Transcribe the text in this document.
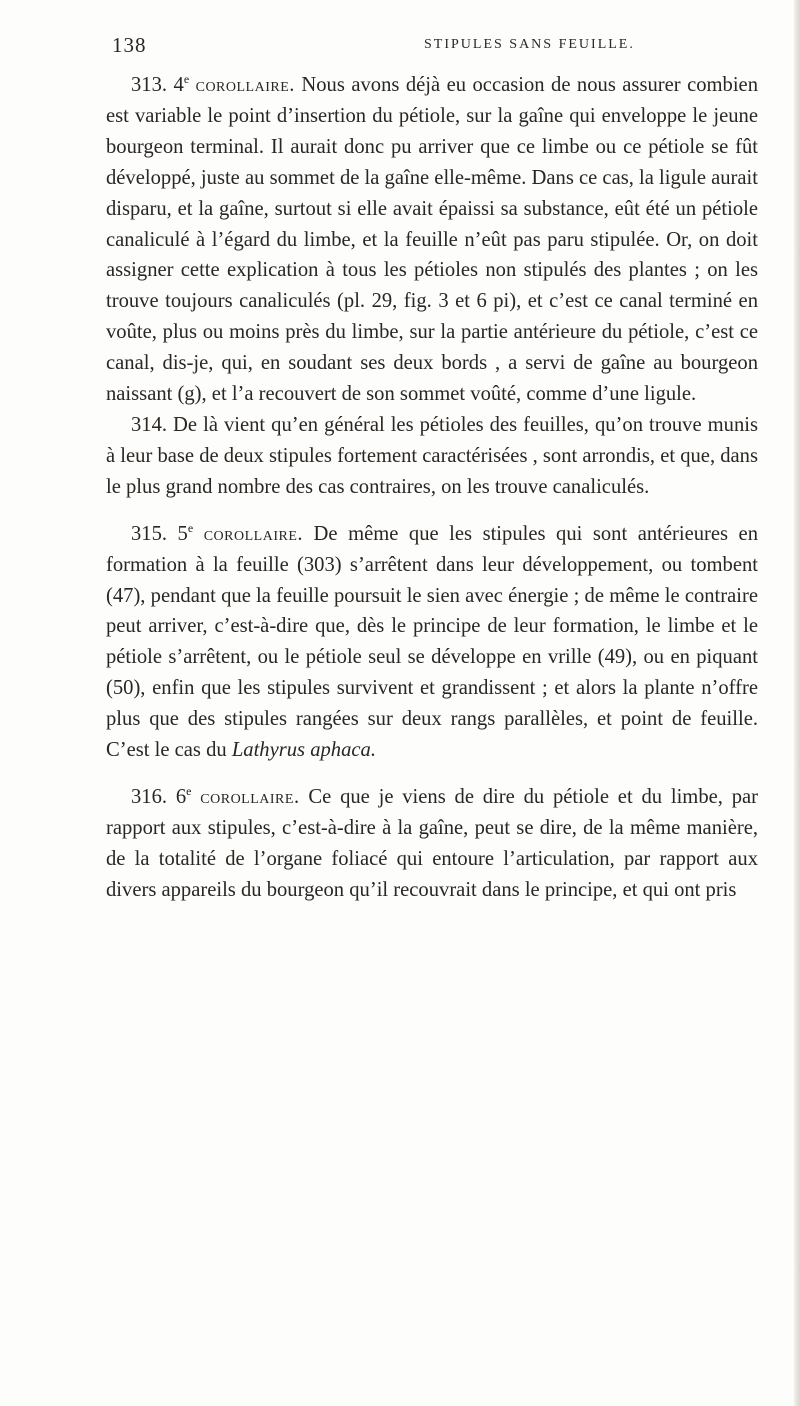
138	STIPULES SANS FEUILLE.

313. 4e corollaire. Nous avons déjà eu occasion de nous assurer combien est variable le point d’insertion du pétiole, sur la gaîne qui enveloppe le jeune bourgeon terminal. Il aurait donc pu arriver que ce limbe ou ce pétiole se fût développé, juste au sommet de la gaîne elle-même. Dans ce cas, la ligule aurait disparu, et la gaîne, surtout si elle avait épaissi sa substance, eût été un pétiole canaliculé à l’égard du limbe, et la feuille n’eût pas paru stipulée. Or, on doit assigner cette explication à tous les pétioles non stipulés des plantes ; on les trouve toujours canaliculés (pl. 29, fig. 3 et 6 pi), et c’est ce canal terminé en voûte, plus ou moins près du limbe, sur la partie antérieure du pétiole, c’est ce canal, dis-je, qui, en soudant ses deux bords , a servi de gaîne au bourgeon naissant (g), et l’a recouvert de son sommet voûté, comme d’une ligule.

314. De là vient qu’en général les pétioles des feuilles, qu’on trouve munis à leur base de deux stipules fortement caractérisées , sont arrondis, et que, dans le plus grand nombre des cas contraires, on les trouve canaliculés.

315. 5e corollaire. De même que les stipules qui sont antérieures en formation à la feuille (303) s’arrêtent dans leur développement, ou tombent (47), pendant que la feuille poursuit le sien avec énergie ; de même le contraire peut arriver, c’est-à-dire que, dès le principe de leur formation, le limbe et le pétiole s’arrêtent, ou le pétiole seul se développe en vrille (49), ou en piquant (50), enfin que les stipules survivent et grandissent ; et alors la plante n’offre plus que des stipules rangées sur deux rangs parallèles, et point de feuille. C’est le cas du Lathyrus aphaca.

316. 6e corollaire. Ce que je viens de dire du pétiole et du limbe, par rapport aux stipules, c’est-à-dire à la gaîne, peut se dire, de la même manière, de la totalité de l’organe foliacé qui entoure l’articulation, par rapport aux divers appareils du bourgeon qu’il recouvrait dans le principe, et qui ont pris
